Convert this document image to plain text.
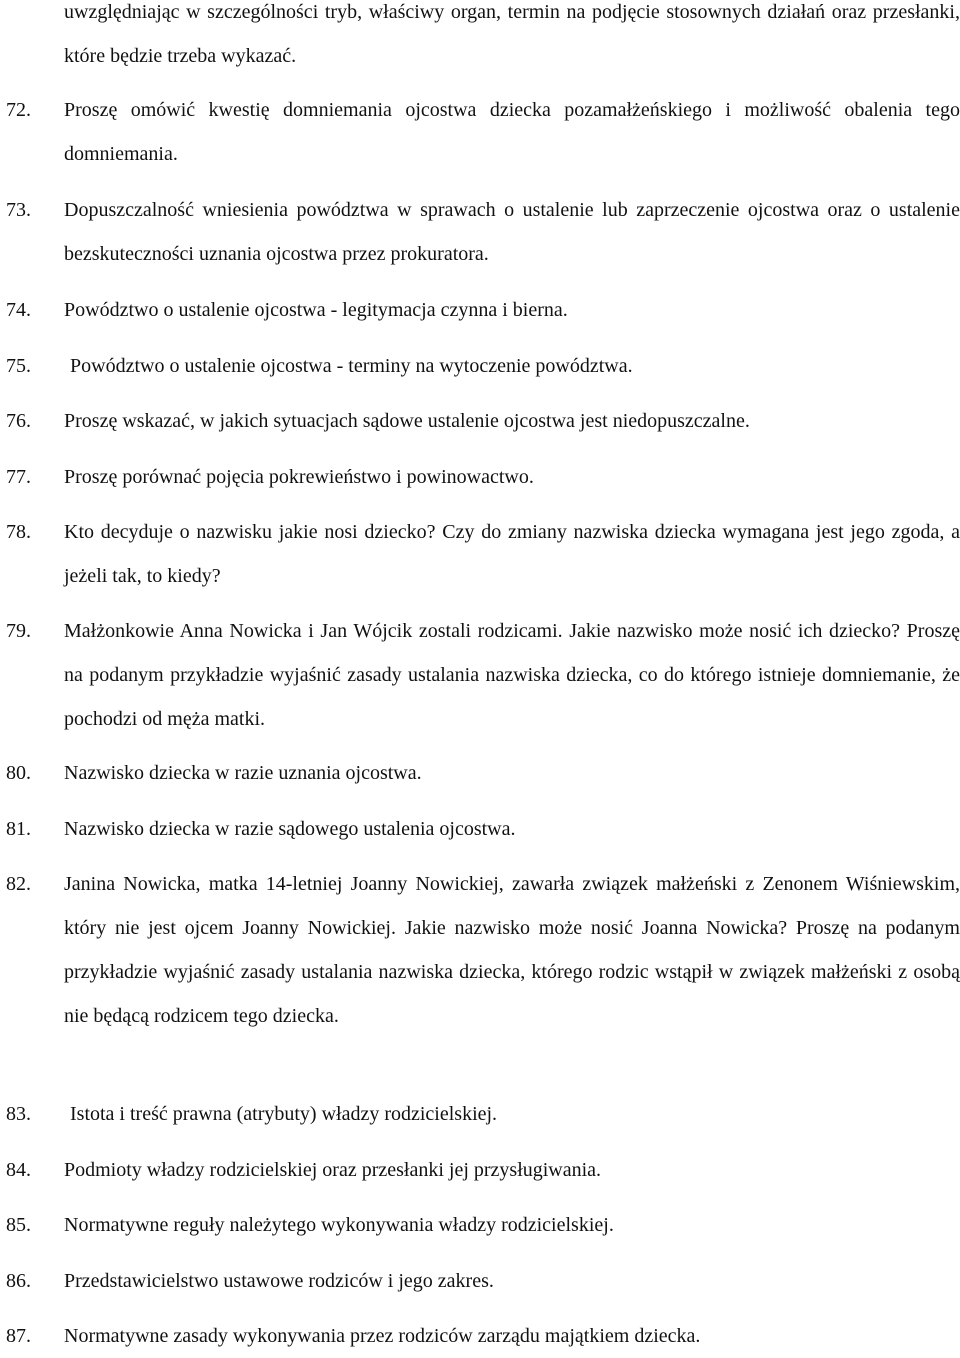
uwzględniając w szczególności tryb, właściwy organ, termin na podjęcie stosownych działań oraz przesłanki, które będzie trzeba wykazać.
72. Proszę omówić kwestię domniemania ojcostwa dziecka pozamałżeńskiego i możliwość obalenia tego domniemania.
73. Dopuszczalność wniesienia powództwa w sprawach o ustalenie lub zaprzeczenie ojcostwa oraz o ustalenie bezskuteczności uznania ojcostwa przez prokuratora.
74. Powództwo o ustalenie ojcostwa - legitymacja czynna i bierna.
75. Powództwo o ustalenie ojcostwa - terminy na wytoczenie powództwa.
76. Proszę wskazać, w jakich sytuacjach sądowe ustalenie ojcostwa jest niedopuszczalne.
77. Proszę porównać pojęcia pokrewieństwo i powinowactwo.
78. Kto decyduje o nazwisku jakie nosi dziecko? Czy do zmiany nazwiska dziecka wymagana jest jego zgoda, a jeżeli tak, to kiedy?
79. Małżonkowie Anna Nowicka i Jan Wójcik zostali rodzicami. Jakie nazwisko może nosić ich dziecko? Proszę na podanym przykładzie wyjaśnić zasady ustalania nazwiska dziecka, co do którego istnieje domniemanie, że pochodzi od męża matki.
80. Nazwisko dziecka w razie uznania ojcostwa.
81. Nazwisko dziecka w razie sądowego ustalenia ojcostwa.
82. Janina Nowicka, matka 14-letniej Joanny Nowickiej, zawarła związek małżeński z Zenonem Wiśniewskim, który nie jest ojcem Joanny Nowickiej. Jakie nazwisko może nosić Joanna Nowicka? Proszę na podanym przykładzie wyjaśnić zasady ustalania nazwiska dziecka, którego rodzic wstąpił w związek małżeński z osobą nie będącą rodzicem tego dziecka.
83. Istota i treść prawna (atrybuty) władzy rodzicielskiej.
84. Podmioty władzy rodzicielskiej oraz przesłanki jej przysługiwania.
85. Normatywne reguły należytego wykonywania władzy rodzicielskiej.
86. Przedstawicielstwo ustawowe rodziców i jego zakres.
87. Normatywne zasady wykonywania przez rodziców zarządu majątkiem dziecka.
